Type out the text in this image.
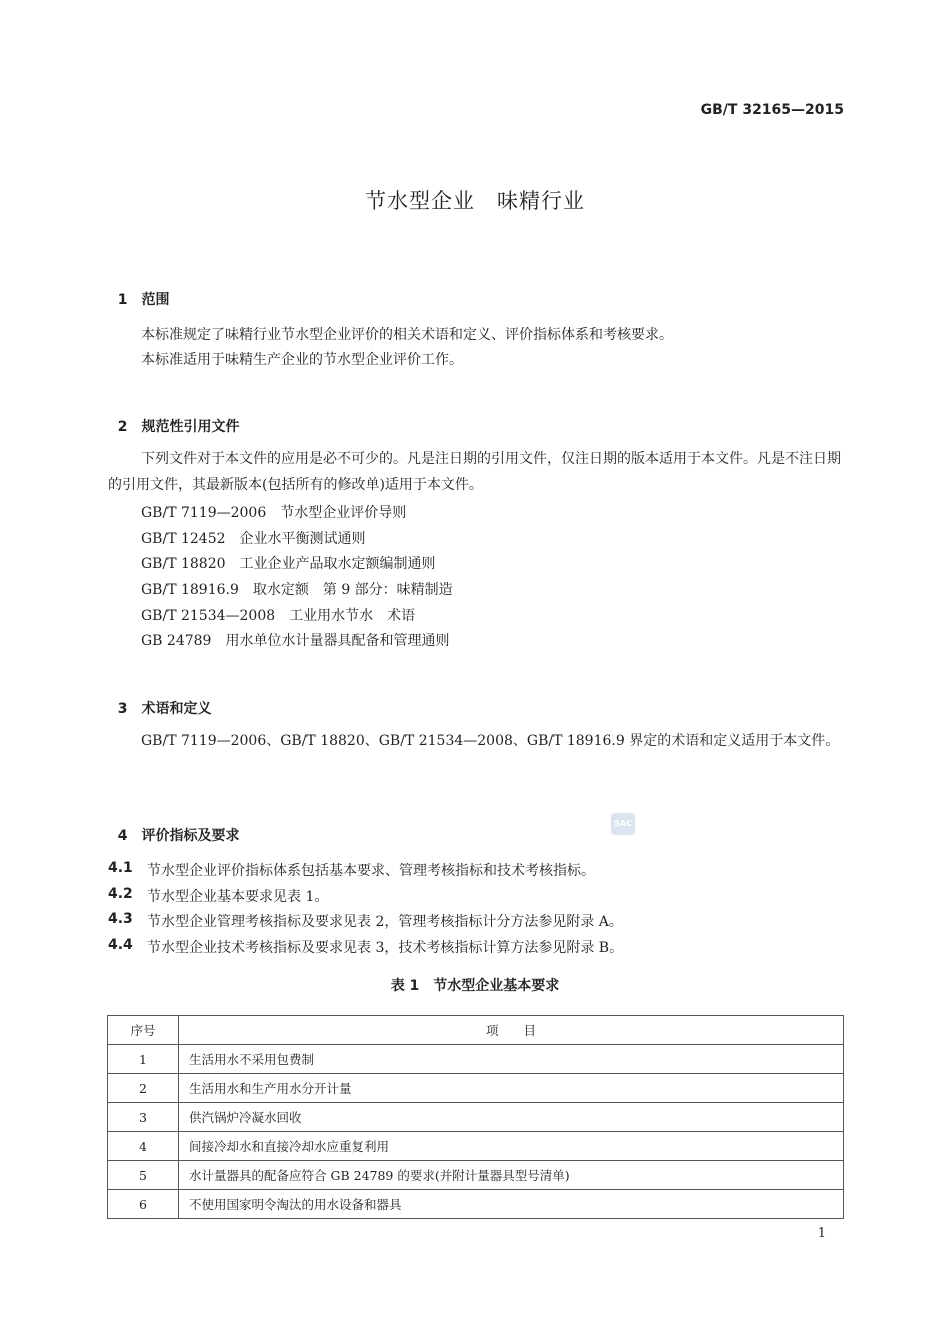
GB/T 32165—2015
节水型企业　味精行业

1　 范围

本标准规定了味精行业节水型企业评价的相关术语和定义、评价指标体系和考核要求。
本标准适用于味精生产企业的节水型企业评价工作。

2　 规范性引用文件

下列文件对于本文件的应用是必不可少的。凡是注日期的引用文件，仅注日期的版本适用于本文件。凡是不注日期的引用文件，其最新版本(包括所有的修改单)适用于本文件。
GB/T 7119—2006　节水型企业评价导则
GB/T 12452　企业水平衡测试通则
GB/T 18820　工业企业产品取水定额编制通则
GB/T 18916.9　取水定额　第 9 部分：味精制造
GB/T 21534—2008　工业用水节水　术语
GB 24789　用水单位水计量器具配备和管理通则

3　 术语和定义

GB/T 7119—2006、GB/T 18820、GB/T 21534—2008、GB/T 18916.9 界定的术语和定义适用于本文件。

4　 评价指标及要求

SAC
4.1 节水型企业评价指标体系包括基本要求、管理考核指标和技术考核指标。
4.2 节水型企业基本要求见表 1。
4.3 节水型企业管理考核指标及要求见表 2，管理考核指标计分方法参见附录 A。
4.4 节水型企业技术考核指标及要求见表 3，技术考核指标计算方法参见附录 B。
表 1　节水型企业基本要求
序号	项　　目
1	生活用水不采用包费制
2	生活用水和生产用水分开计量
3	供汽锅炉冷凝水回收
4	间接冷却水和直接冷却水应重复利用
5	水计量器具的配备应符合 GB 24789 的要求(并附计量器具型号清单)
6	不使用国家明令淘汰的用水设备和器具
1
